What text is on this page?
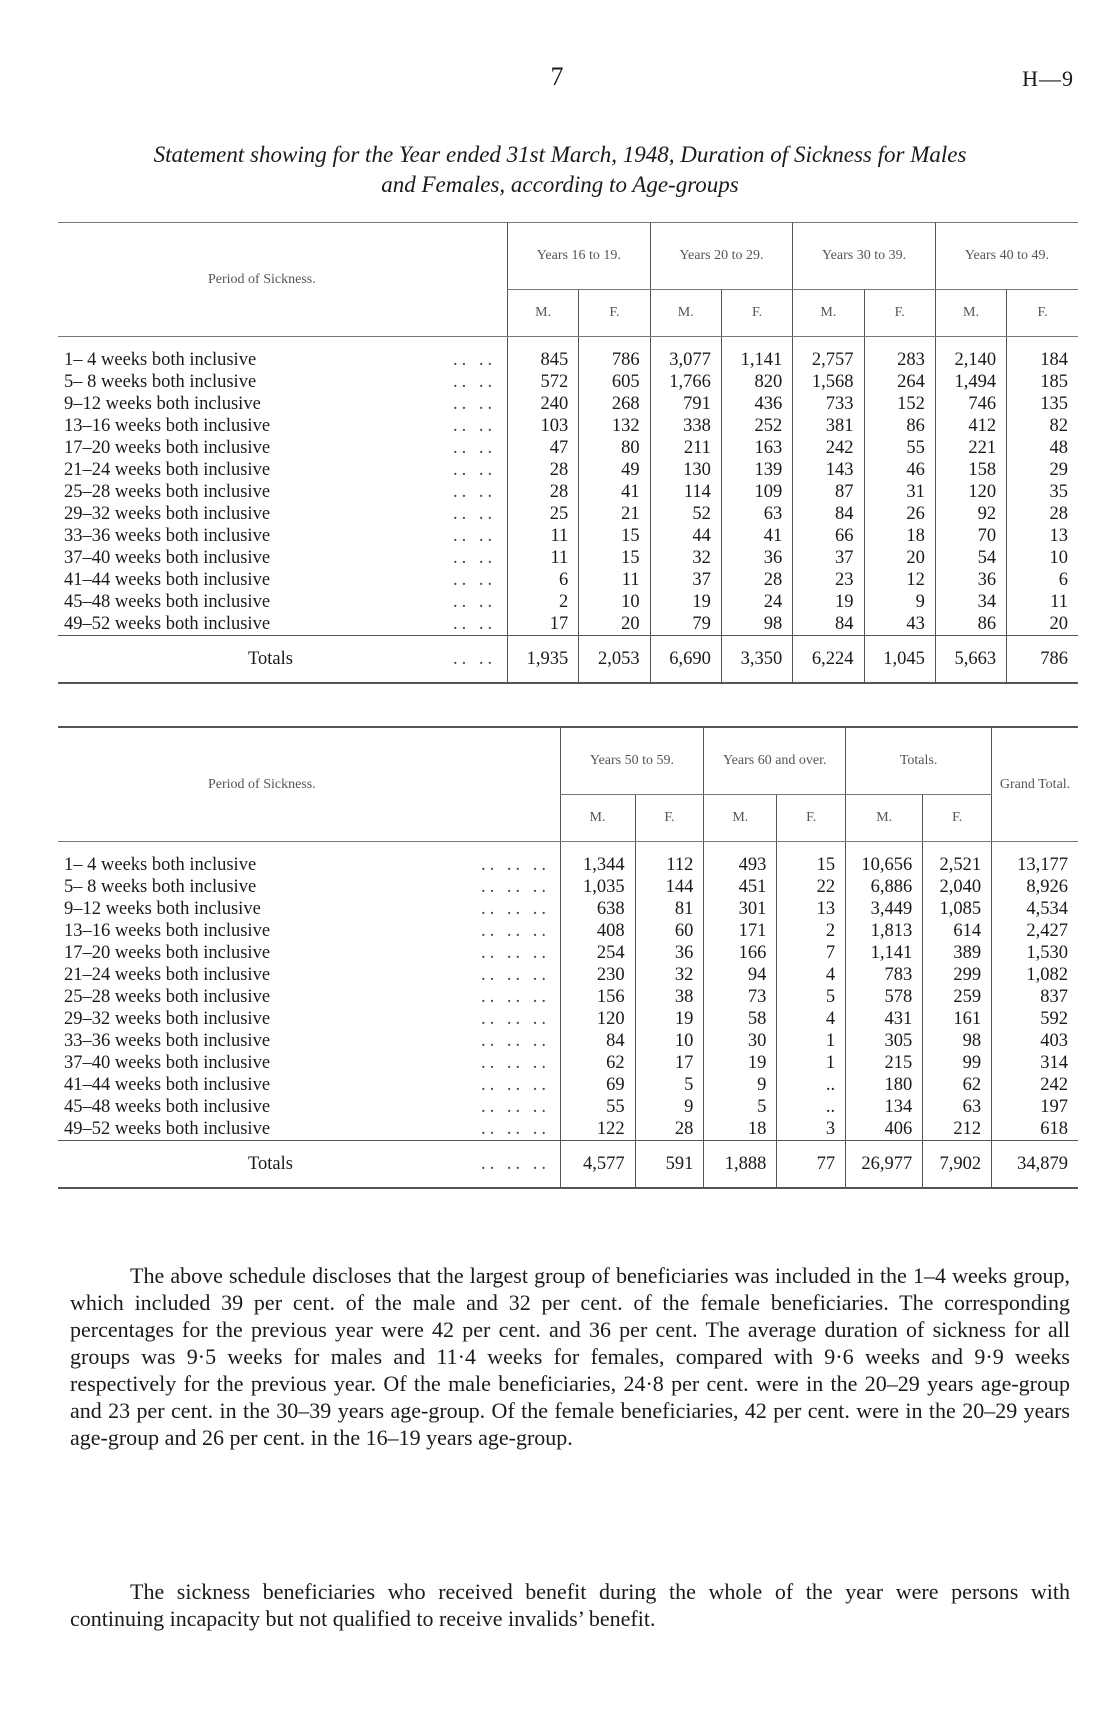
7	H—9
Statement showing for the Year ended 31st March, 1948, Duration of Sickness for Males
and Females, according to Age-groups
Period of Sickness.		Years 16 to 19.		Years 20 to 29.		Years 30 to 39.		Years 40 to 49.	
		M.	F.	M.	F.	M.	F.	M.	F.
1– 4 weeks both inclusive	.. ..	845	786	3,077	1,141	2,757	283	2,140	184
5– 8 weeks both inclusive	.. ..	572	605	1,766	820	1,568	264	1,494	185
9–12 weeks both inclusive	.. ..	240	268	791	436	733	152	746	135
13–16 weeks both inclusive	.. ..	103	132	338	252	381	86	412	82
17–20 weeks both inclusive	.. ..	47	80	211	163	242	55	221	48
21–24 weeks both inclusive	.. ..	28	49	130	139	143	46	158	29
25–28 weeks both inclusive	.. ..	28	41	114	109	87	31	120	35
29–32 weeks both inclusive	.. ..	25	21	52	63	84	26	92	28
33–36 weeks both inclusive	.. ..	11	15	44	41	66	18	70	13
37–40 weeks both inclusive	.. ..	11	15	32	36	37	20	54	10
41–44 weeks both inclusive	.. ..	6	11	37	28	23	12	36	6
45–48 weeks both inclusive	.. ..	2	10	19	24	19	9	34	11
49–52 weeks both inclusive	.. ..	17	20	79	98	84	43	86	20
Totals	.. ..	1,935	2,053	6,690	3,350	6,224	1,045	5,663	786
Period of Sickness.		Years 50 to 59.		Years 60 and over.		Totals.		Grand Total.
		M.	F.	M.	F.	M.	F.	
1– 4 weeks both inclusive	.. .. ..	1,344	112	493	15	10,656	2,521	13,177
5– 8 weeks both inclusive	.. .. ..	1,035	144	451	22	6,886	2,040	8,926
9–12 weeks both inclusive	.. .. ..	638	81	301	13	3,449	1,085	4,534
13–16 weeks both inclusive	.. .. ..	408	60	171	2	1,813	614	2,427
17–20 weeks both inclusive	.. .. ..	254	36	166	7	1,141	389	1,530
21–24 weeks both inclusive	.. .. ..	230	32	94	4	783	299	1,082
25–28 weeks both inclusive	.. .. ..	156	38	73	5	578	259	837
29–32 weeks both inclusive	.. .. ..	120	19	58	4	431	161	592
33–36 weeks both inclusive	.. .. ..	84	10	30	1	305	98	403
37–40 weeks both inclusive	.. .. ..	62	17	19	1	215	99	314
41–44 weeks both inclusive	.. .. ..	69	5	9	..	180	62	242
45–48 weeks both inclusive	.. .. ..	55	9	5	..	134	63	197
49–52 weeks both inclusive	.. .. ..	122	28	18	3	406	212	618
Totals	.. .. ..	4,577	591	1,888	77	26,977	7,902	34,879

The above schedule discloses that the largest group of beneficiaries was included in the 1–4 weeks group, which included 39 per cent. of the male and 32 per cent. of the female beneficiaries. The corresponding percentages for the previous year were 42 per cent. and 36 per cent. The average duration of sickness for all groups was 9·5 weeks for males and 11·4 weeks for females, compared with 9·6 weeks and 9·9 weeks respectively for the previous year. Of the male beneficiaries, 24·8 per cent. were in the 20–29 years age-group and 23 per cent. in the 30–39 years age-group. Of the female beneficiaries, 42 per cent. were in the 20–29 years age-group and 26 per cent. in the 16–19 years age-group.

The sickness beneficiaries who received benefit during the whole of the year were persons with continuing incapacity but not qualified to receive invalids’ benefit.
